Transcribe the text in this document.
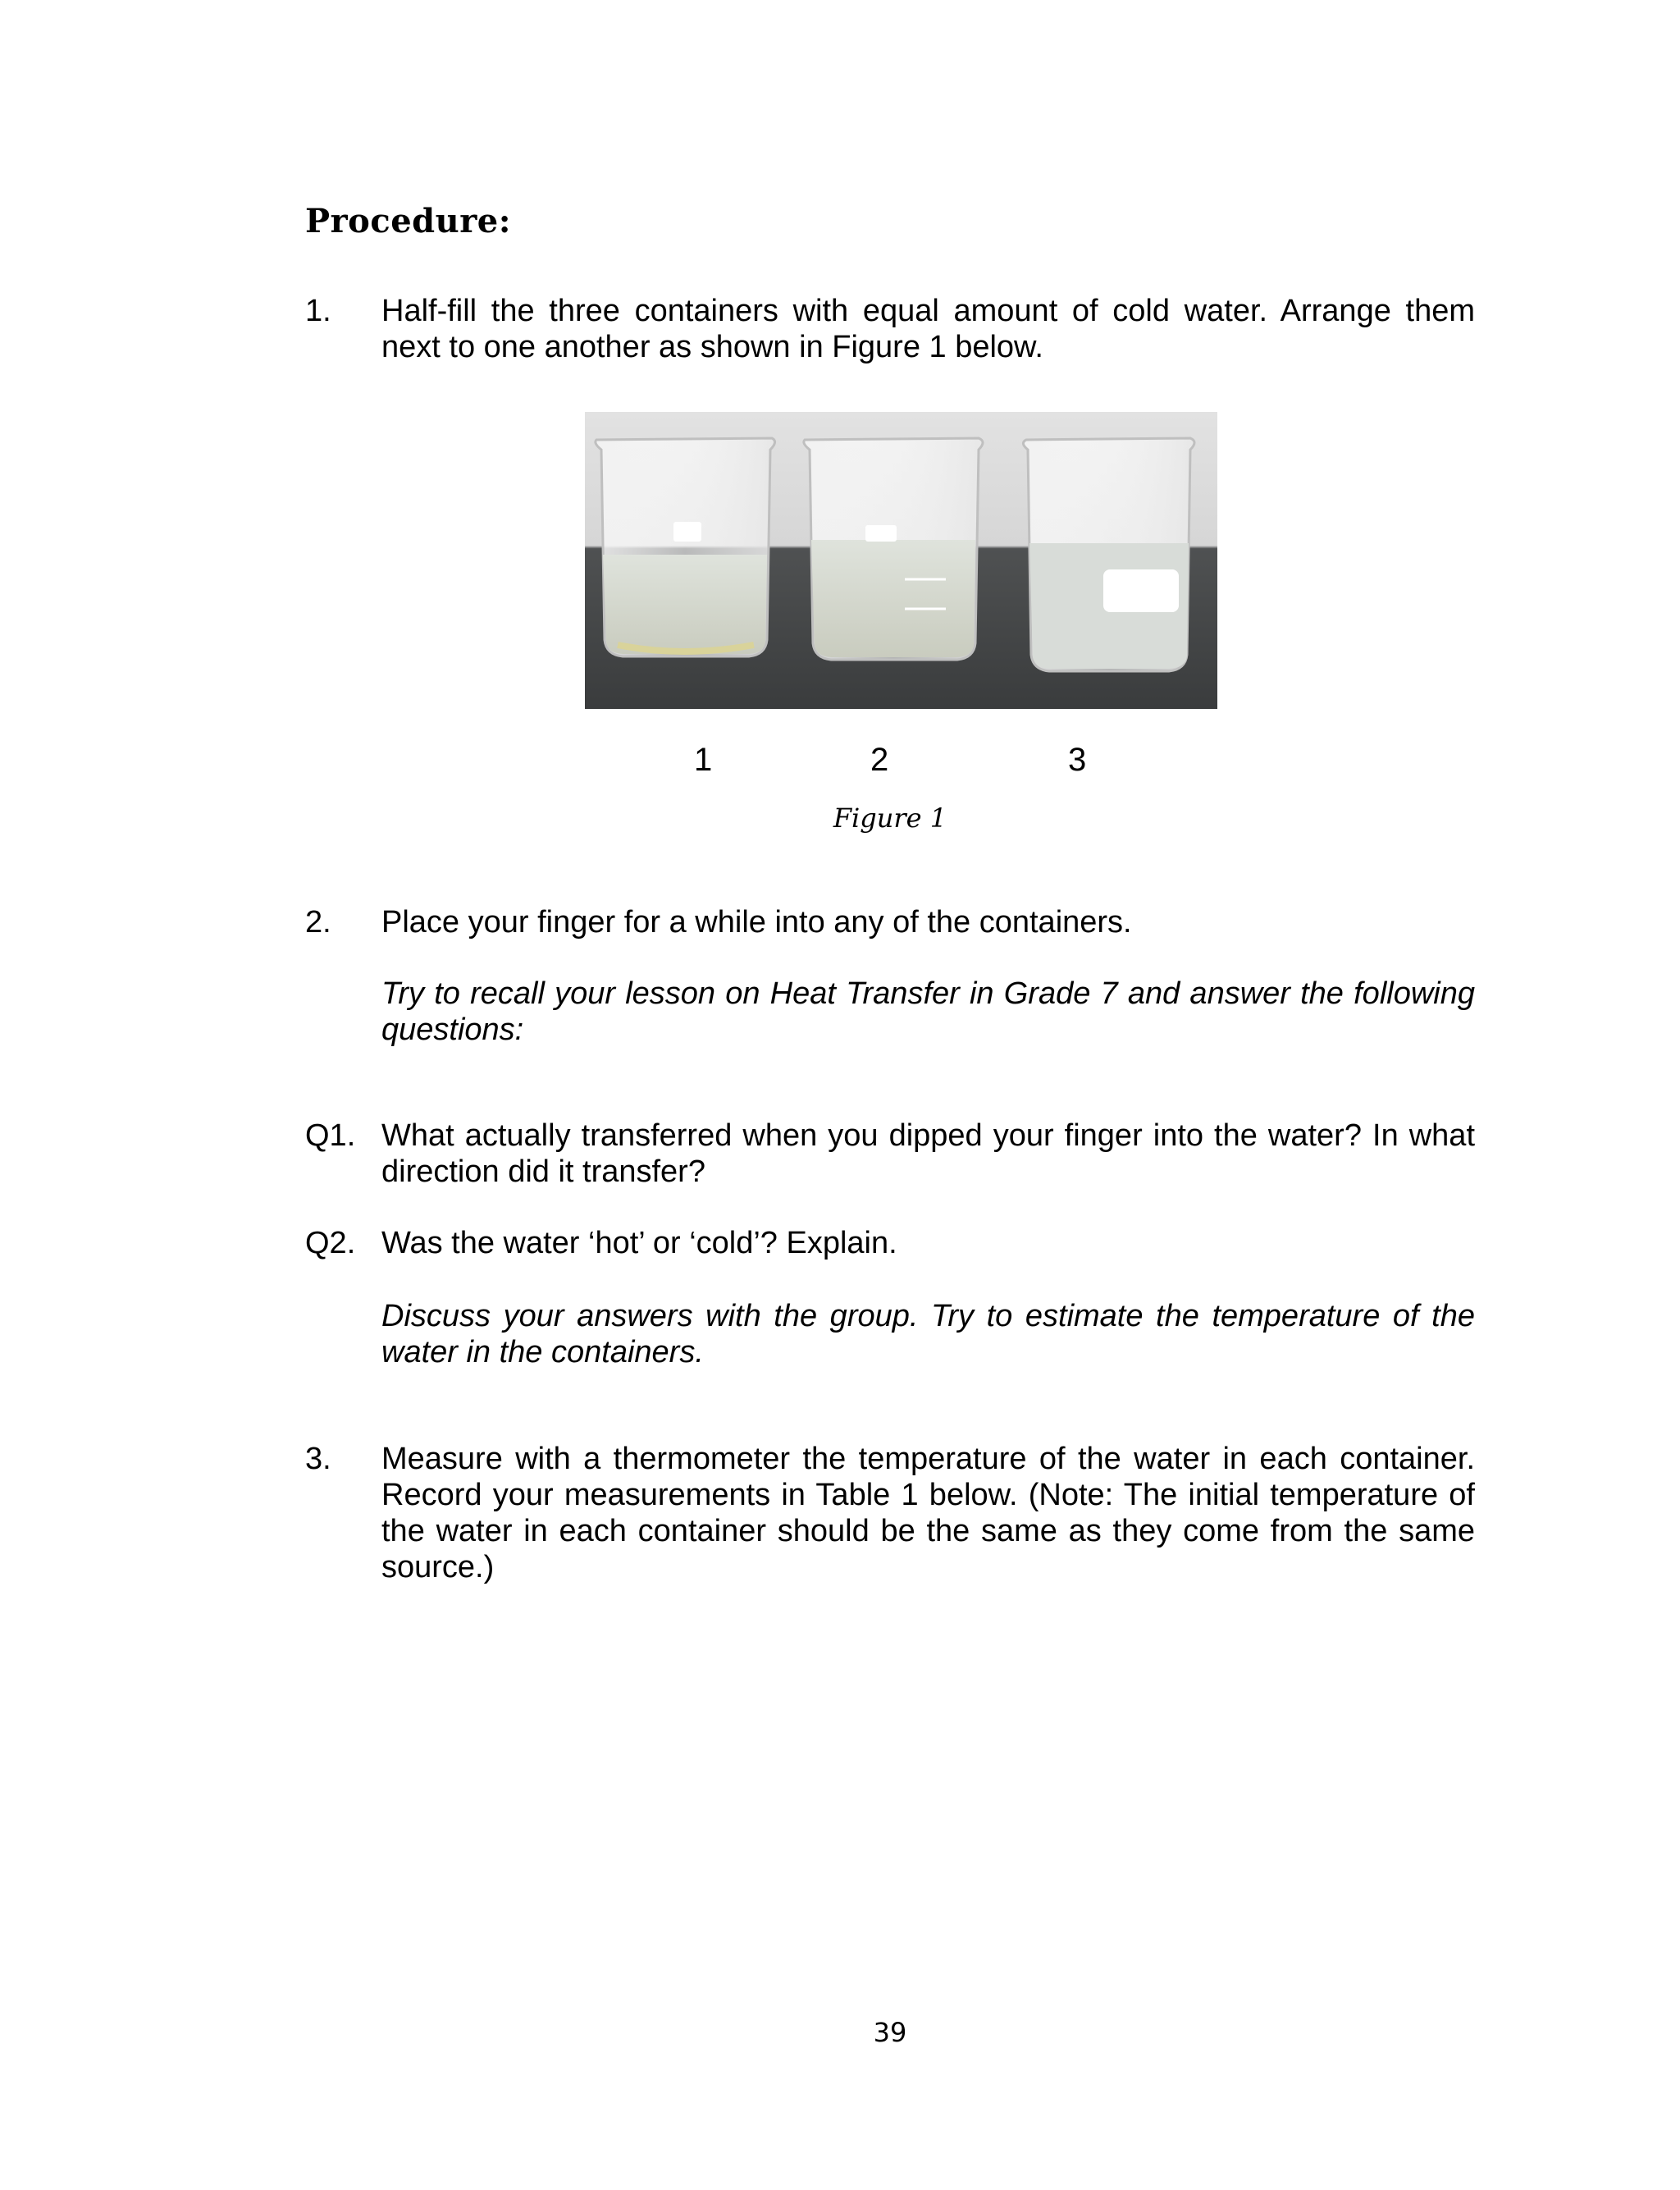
Procedure:
1. Half-fill the three containers with equal amount of cold water. Arrange them next to one another as shown in Figure 1 below.
1	2	3
Figure 1
2. Place your finger for a while into any of the containers.
Try to recall your lesson on Heat Transfer in Grade 7 and answer the following questions:
Q1. What actually transferred when you dipped your finger into the water? In what direction did it transfer?
Q2. Was the water ‘hot’ or ‘cold’? Explain.
Discuss your answers with the group. Try to estimate the temperature of the water in the containers.
3. Measure with a thermometer the temperature of the water in each container. Record your measurements in Table 1 below. (Note: The initial temperature of the water in each container should be the same as they come from the same source.)
39
